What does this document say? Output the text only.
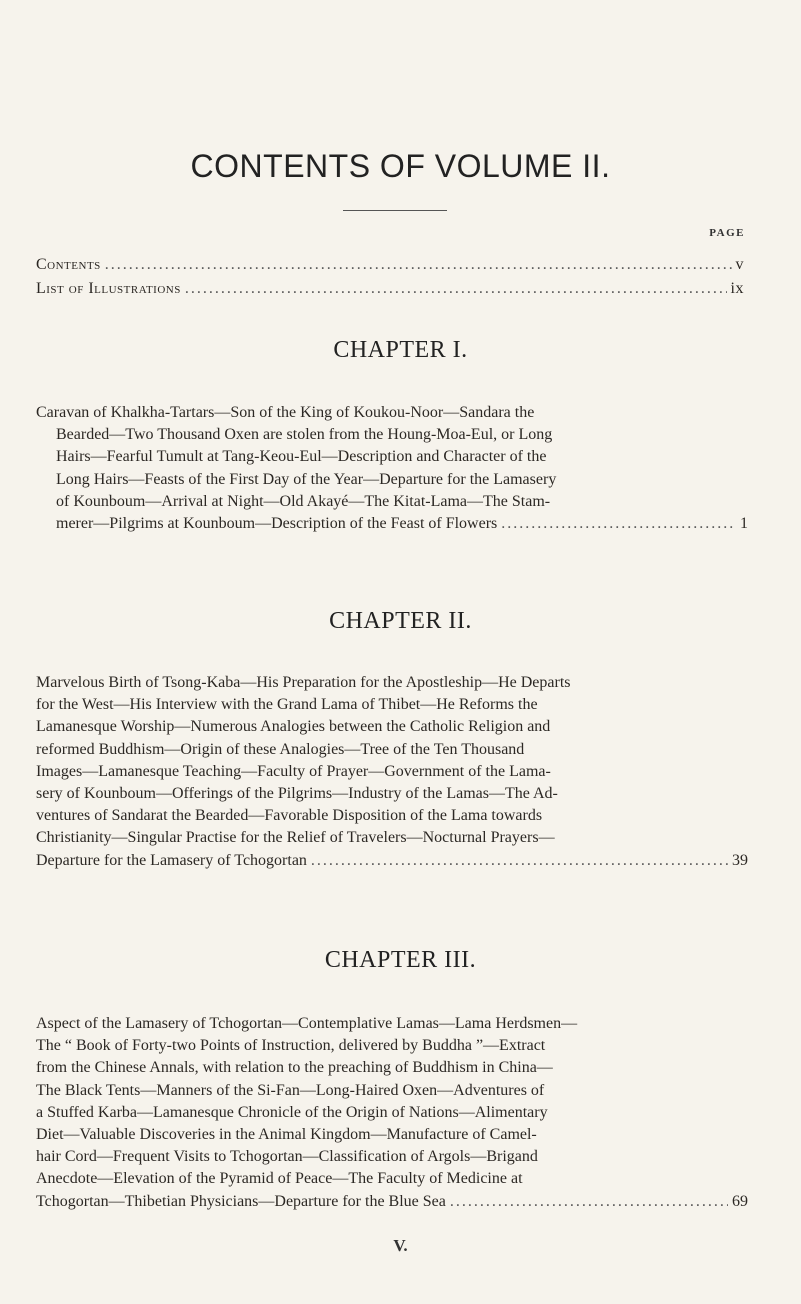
CONTENTS OF VOLUME II.
PAGE
Contents . . .	v
List of Illustrations . . .	ix
CHAPTER I.
Caravan of Khalkha-Tartars—Son of the King of Koukou-Noor—Sandara the
Bearded—Two Thousand Oxen are stolen from the Houng-Moa-Eul, or Long
Hairs—Fearful Tumult at Tang-Keou-Eul—Description and Character of the
Long Hairs—Feasts of the First Day of the Year—Departure for the Lamasery
of Kounboum—Arrival at Night—Old Akayé—The Kitat-Lama—The Stam-
merer—Pilgrims at Kounboum—Description of the Feast of Flowers . . .	1
CHAPTER II.
Marvelous Birth of Tsong-Kaba—His Preparation for the Apostleship—He Departs
for the West—His Interview with the Grand Lama of Thibet—He Reforms the
Lamanesque Worship—Numerous Analogies between the Catholic Religion and
reformed Buddhism—Origin of these Analogies—Tree of the Ten Thousand
Images—Lamanesque Teaching—Faculty of Prayer—Government of the Lama-
sery of Kounboum—Offerings of the Pilgrims—Industry of the Lamas—The Ad-
ventures of Sandarat the Bearded—Favorable Disposition of the Lama towards
Christianity—Singular Practise for the Relief of Travelers—Nocturnal Prayers—
Departure for the Lamasery of Tchogortan . . .	39
CHAPTER III.
Aspect of the Lamasery of Tchogortan—Contemplative Lamas—Lama Herdsmen—
The “ Book of Forty-two Points of Instruction, delivered by Buddha ”—Extract
from the Chinese Annals, with relation to the preaching of Buddhism in China—
The Black Tents—Manners of the Si-Fan—Long-Haired Oxen—Adventures of
a Stuffed Karba—Lamanesque Chronicle of the Origin of Nations—Alimentary
Diet—Valuable Discoveries in the Animal Kingdom—Manufacture of Camel-
hair Cord—Frequent Visits to Tchogortan—Classification of Argols—Brigand
Anecdote—Elevation of the Pyramid of Peace—The Faculty of Medicine at
Tchogortan—Thibetian Physicians—Departure for the Blue Sea . . .	69
V.
